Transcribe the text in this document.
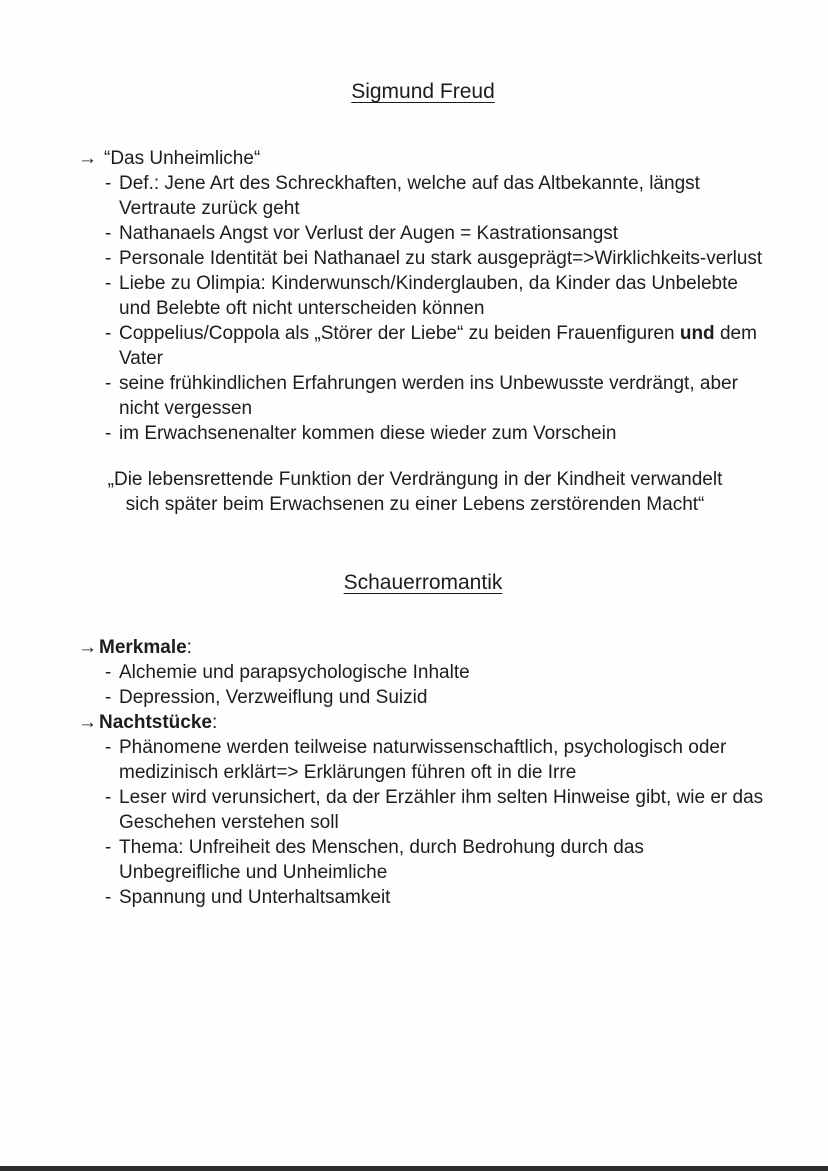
Sigmund Freud
→ “Das Unheimliche“
- Def.: Jene Art des Schreckhaften, welche auf das Altbekannte, längst Vertraute zurück geht
- Nathanaels Angst vor Verlust der Augen = Kastrationsangst
- Personale Identität bei Nathanael zu stark ausgeprägt=>Wirklichkeits-verlust
- Liebe zu Olimpia: Kinderwunsch/Kinderglauben, da Kinder das Unbelebte und Belebte oft nicht unterscheiden können
- Coppelius/Coppola als „Störer der Liebe“ zu beiden Frauenfiguren und dem Vater
- seine frühkindlichen Erfahrungen werden ins Unbewusste verdrängt, aber nicht vergessen
- im Erwachsenenalter kommen diese wieder zum Vorschein

„Die lebensrettende Funktion der Verdrängung in der Kindheit verwandelt
sich später beim Erwachsenen zu einer Lebens zerstörenden Macht“

Schauerromantik
→ Merkmale:
- Alchemie und parapsychologische Inhalte
- Depression, Verzweiflung und Suizid
→ Nachtstücke:
- Phänomene werden teilweise naturwissenschaftlich, psychologisch oder medizinisch erklärt=> Erklärungen führen oft in die Irre
- Leser wird verunsichert, da der Erzähler ihm selten Hinweise gibt, wie er das Geschehen verstehen soll
- Thema: Unfreiheit des Menschen, durch Bedrohung durch das Unbegreifliche und Unheimliche
- Spannung und Unterhaltsamkeit
